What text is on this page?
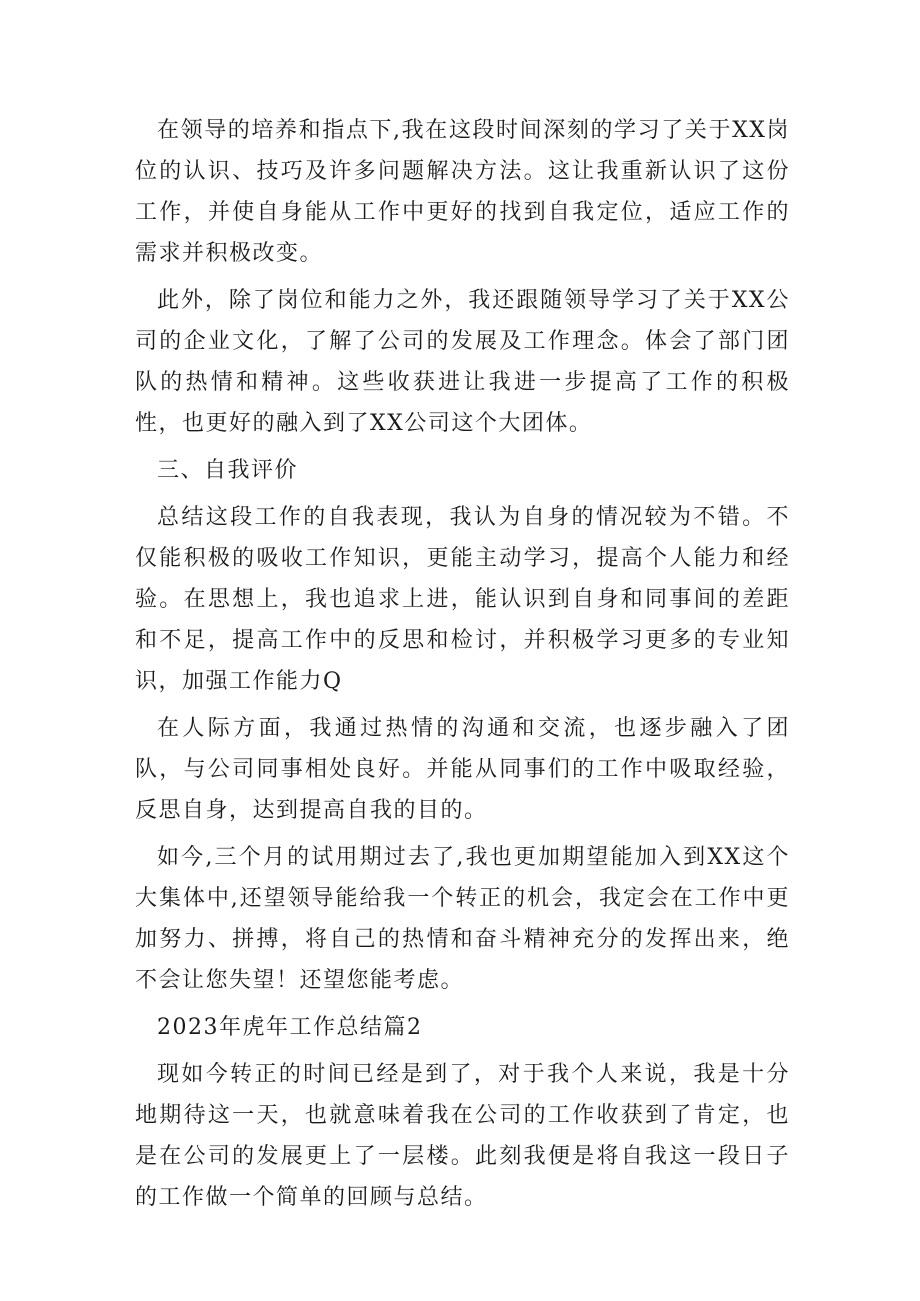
在领导的培养和指点下,我在这段时间深刻的学习了关于XX岗位的认识、技巧及许多问题解决方法。这让我重新认识了这份工作，并使自身能从工作中更好的找到自我定位，适应工作的需求并积极改变。

此外，除了岗位和能力之外，我还跟随领导学习了关于XX公司的企业文化，了解了公司的发展及工作理念。体会了部门团队的热情和精神。这些收获进让我进一步提高了工作的积极性，也更好的融入到了XX公司这个大团体。

三、自我评价

总结这段工作的自我表现，我认为自身的情况较为不错。不仅能积极的吸收工作知识，更能主动学习，提高个人能力和经验。在思想上，我也追求上进，能认识到自身和同事间的差距和不足，提高工作中的反思和检讨，并积极学习更多的专业知识，加强工作能力Q

在人际方面，我通过热情的沟通和交流，也逐步融入了团队，与公司同事相处良好。并能从同事们的工作中吸取经验，反思自身，达到提高自我的目的。

如今,三个月的试用期过去了,我也更加期望能加入到XX这个大集体中,还望领导能给我一个转正的机会，我定会在工作中更加努力、拼搏，将自己的热情和奋斗精神充分的发挥出来，绝不会让您失望！还望您能考虑。

2023年虎年工作总结篇2

现如今转正的时间已经是到了，对于我个人来说，我是十分地期待这一天，也就意味着我在公司的工作收获到了肯定，也是在公司的发展更上了一层楼。此刻我便是将自我这一段日子的工作做一个简单的回顾与总结。
